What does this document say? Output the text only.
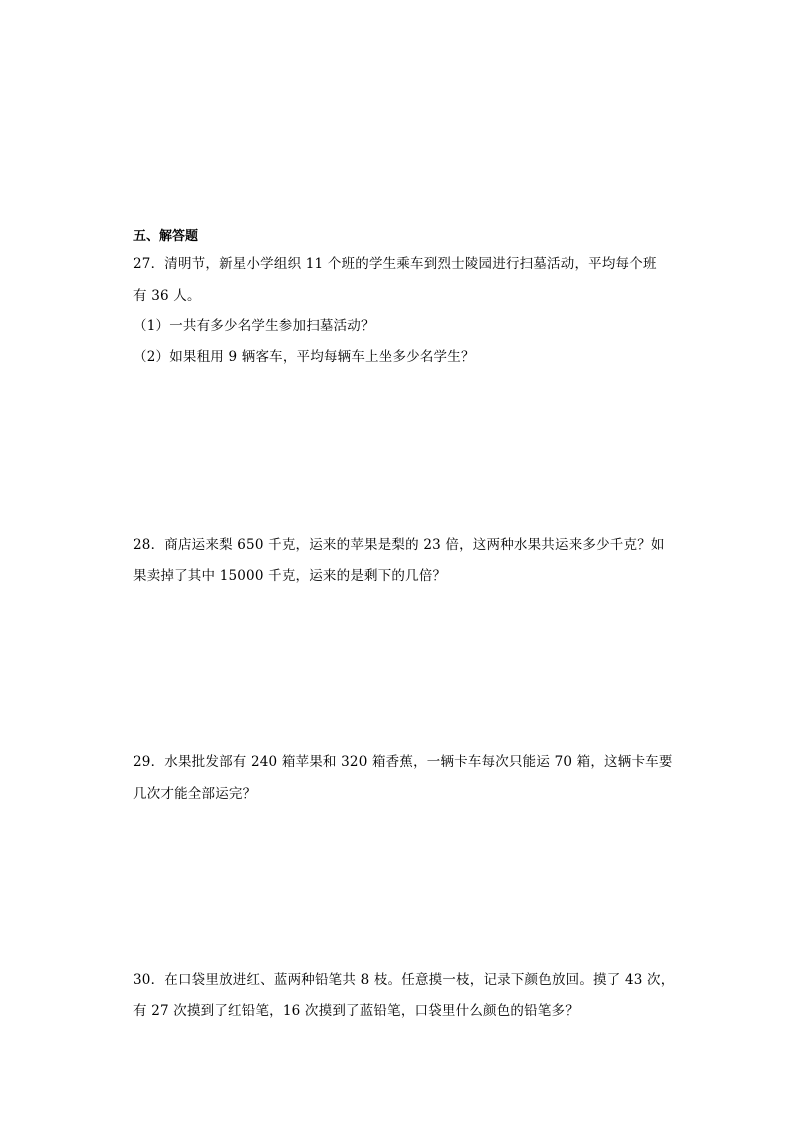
五、解答题
27．清明节，新星小学组织 11 个班的学生乘车到烈士陵园进行扫墓活动，平均每个班
有 36 人。
（1）一共有多少名学生参加扫墓活动？
（2）如果租用 9 辆客车，平均每辆车上坐多少名学生？
28．商店运来梨 650 千克，运来的苹果是梨的 23 倍，这两种水果共运来多少千克？如
果卖掉了其中 15000 千克，运来的是剩下的几倍？
29．水果批发部有 240 箱苹果和 320 箱香蕉，一辆卡车每次只能运 70 箱，这辆卡车要
几次才能全部运完？
30．在口袋里放进红、蓝两种铅笔共 8 枝。任意摸一枝，记录下颜色放回。摸了 43 次，
有 27 次摸到了红铅笔，16 次摸到了蓝铅笔，口袋里什么颜色的铅笔多？
